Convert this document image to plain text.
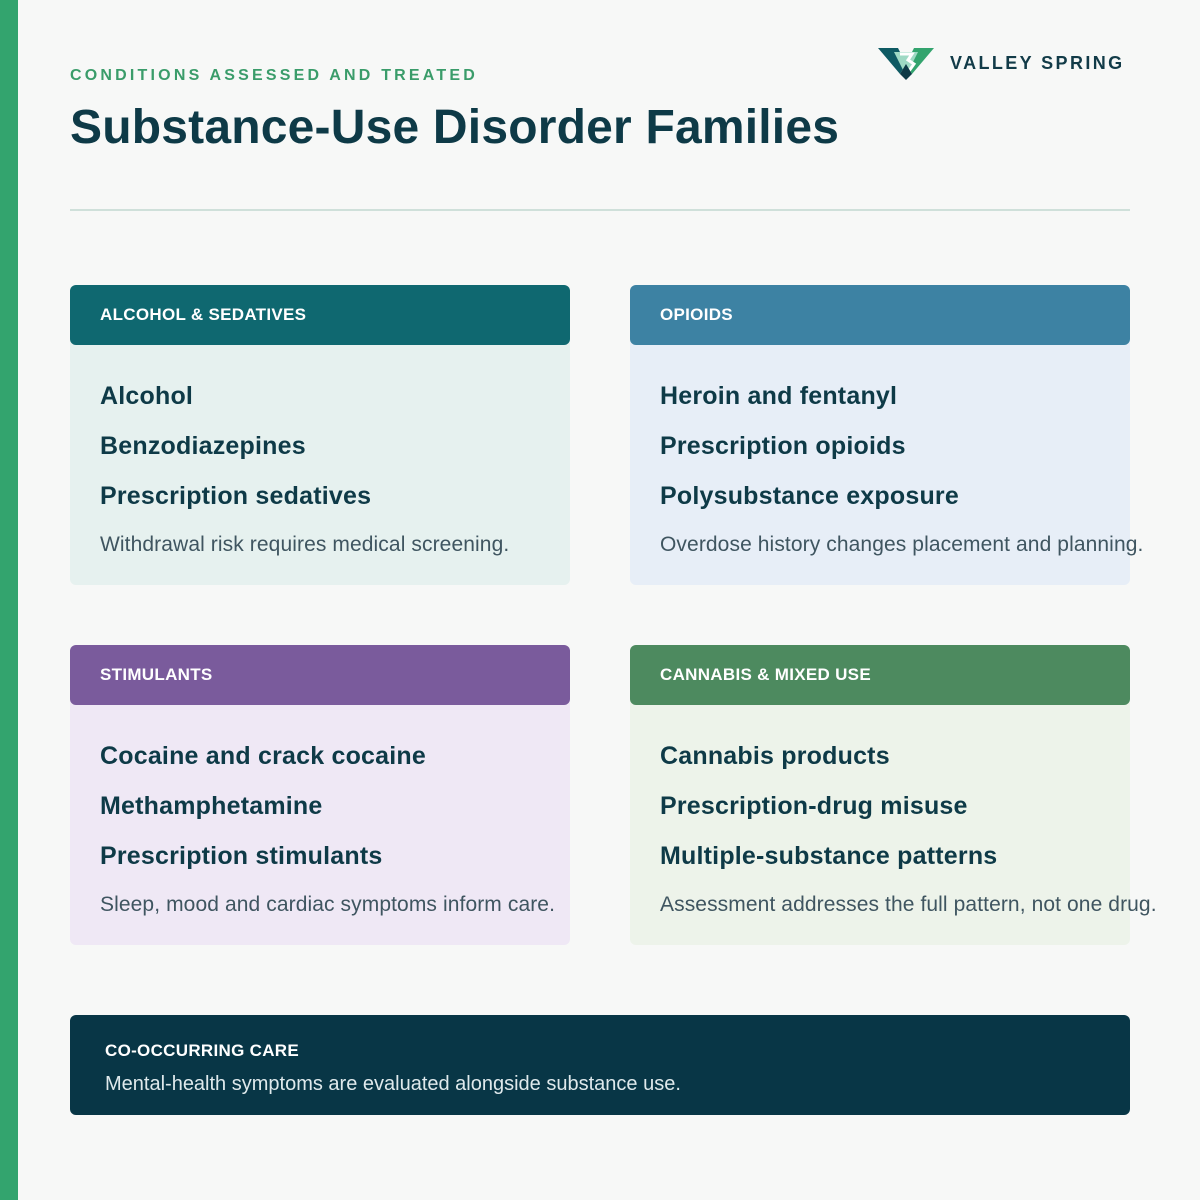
CONDITIONS ASSESSED AND TREATED
Substance-Use Disorder Families
VALLEY SPRING
ALCOHOL & SEDATIVES
Alcohol
Benzodiazepines
Prescription sedatives
Withdrawal risk requires medical screening.
OPIOIDS
Heroin and fentanyl
Prescription opioids
Polysubstance exposure
Overdose history changes placement and planning.
STIMULANTS
Cocaine and crack cocaine
Methamphetamine
Prescription stimulants
Sleep, mood and cardiac symptoms inform care.
CANNABIS & MIXED USE
Cannabis products
Prescription-drug misuse
Multiple-substance patterns
Assessment addresses the full pattern, not one drug.
CO-OCCURRING CARE
Mental-health symptoms are evaluated alongside substance use.
